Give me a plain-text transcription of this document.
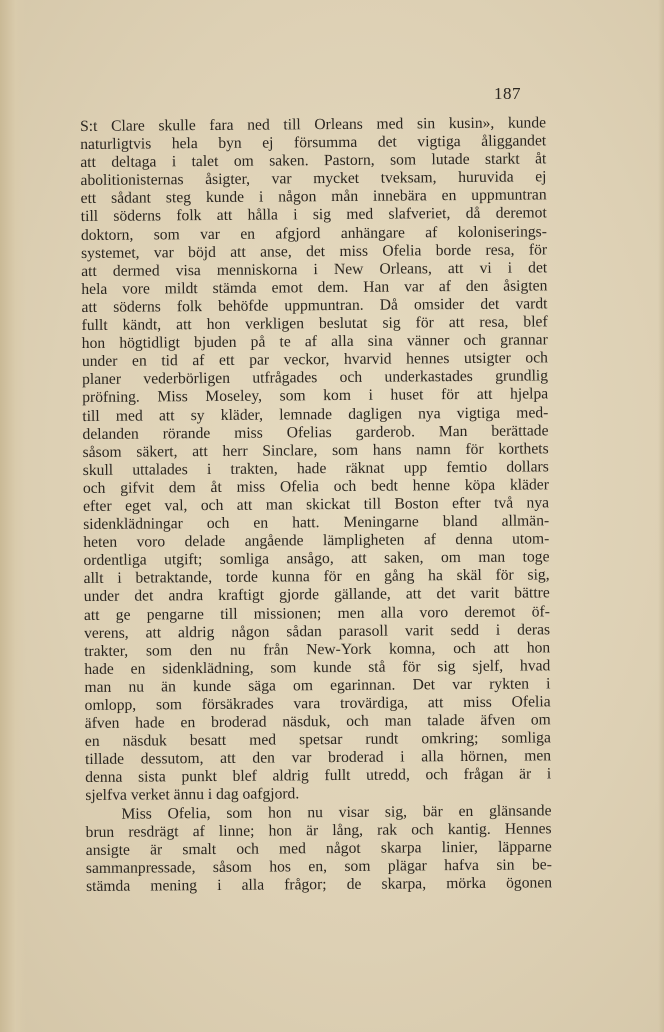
187
S:t Clare skulle fara ned till Orleans med sin kusin», kunde
naturligtvis hela byn ej försumma det vigtiga åliggandet
att deltaga i talet om saken. Pastorn, som lutade starkt åt
abolitionisternas åsigter, var mycket tveksam, huruvida ej
ett sådant steg kunde i någon mån innebära en uppmuntran
till söderns folk att hålla i sig med slafveriet, då deremot
doktorn, som var en afgjord anhängare af koloniserings-
systemet, var böjd att anse, det miss Ofelia borde resa, för
att dermed visa menniskorna i New Orleans, att vi i det
hela vore mildt stämda emot dem. Han var af den åsigten
att söderns folk behöfde uppmuntran. Då omsider det vardt
fullt kändt, att hon verkligen beslutat sig för att resa, blef
hon högtidligt bjuden på te af alla sina vänner och grannar
under en tid af ett par veckor, hvarvid hennes utsigter och
planer vederbörligen utfrågades och underkastades grundlig
pröfning. Miss Moseley, som kom i huset för att hjelpa
till med att sy kläder, lemnade dagligen nya vigtiga med-
delanden rörande miss Ofelias garderob. Man berättade
såsom säkert, att herr Sinclare, som hans namn för korthets
skull uttalades i trakten, hade räknat upp femtio dollars
och gifvit dem åt miss Ofelia och bedt henne köpa kläder
efter eget val, och att man skickat till Boston efter två nya
sidenklädningar och en hatt. Meningarne bland allmän-
heten voro delade angående lämpligheten af denna utom-
ordentliga utgift; somliga ansågo, att saken, om man toge
allt i betraktande, torde kunna för en gång ha skäl för sig,
under det andra kraftigt gjorde gällande, att det varit bättre
att ge pengarne till missionen; men alla voro deremot öf-
verens, att aldrig någon sådan parasoll varit sedd i deras
trakter, som den nu från New-York komna, och att hon
hade en sidenklädning, som kunde stå för sig sjelf, hvad
man nu än kunde säga om egarinnan. Det var rykten i
omlopp, som försäkrades vara trovärdiga, att miss Ofelia
äfven hade en broderad näsduk, och man talade äfven om
en näsduk besatt med spetsar rundt omkring; somliga
tillade dessutom, att den var broderad i alla hörnen, men
denna sista punkt blef aldrig fullt utredd, och frågan är i
sjelfva verket ännu i dag oafgjord.
Miss Ofelia, som hon nu visar sig, bär en glänsande
brun resdrägt af linne; hon är lång, rak och kantig. Hennes
ansigte är smalt och med något skarpa linier, läpparne
sammanpressade, såsom hos en, som plägar hafva sin be-
stämda mening i alla frågor; de skarpa, mörka ögonen
